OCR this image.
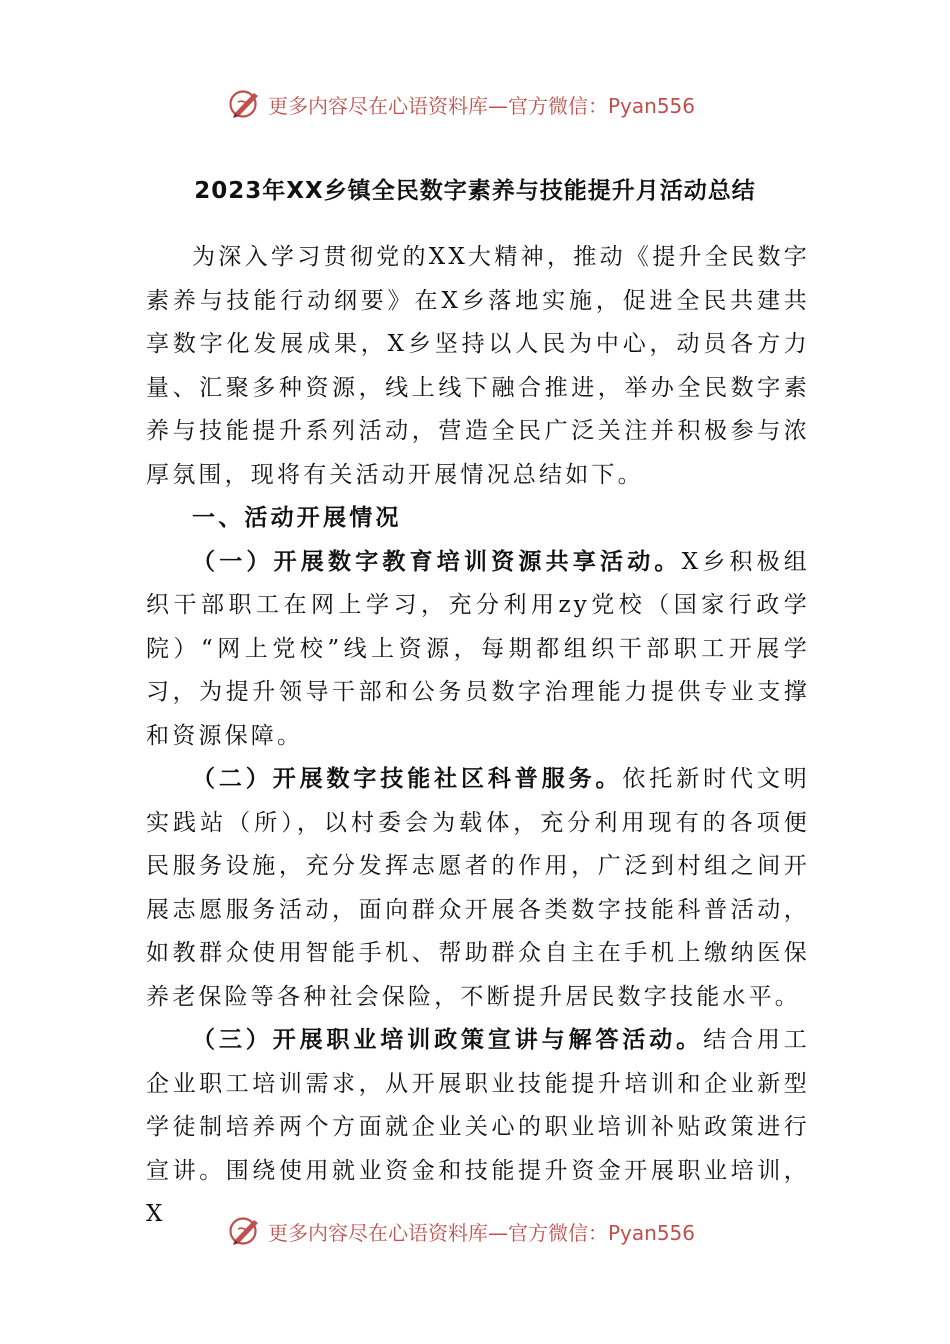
更多内容尽在心语资料库—官方微信：Pyan556
2023年XX乡镇全民数字素养与技能提升月活动总结

为深入学习贯彻党的XX大精神，推动《提升全民数字素养与技能行动纲要》在X乡落地实施，促进全民共建共享数字化发展成果，X乡坚持以人民为中心，动员各方力量、汇聚多种资源，线上线下融合推进，举办全民数字素养与技能提升系列活动，营造全民广泛关注并积极参与浓厚氛围，现将有关活动开展情况总结如下。

一、活动开展情况

（一）开展数字教育培训资源共享活动。X乡积极组织干部职工在网上学习，充分利用zy党校（国家行政学院）“网上党校”线上资源，每期都组织干部职工开展学习，为提升领导干部和公务员数字治理能力提供专业支撑和资源保障。

（二）开展数字技能社区科普服务。依托新时代文明实践站（所），以村委会为载体，充分利用现有的各项便民服务设施，充分发挥志愿者的作用，广泛到村组之间开展志愿服务活动，面向群众开展各类数字技能科普活动，如教群众使用智能手机、帮助群众自主在手机上缴纳医保养老保险等各种社会保险，不断提升居民数字技能水平。

（三）开展职业培训政策宣讲与解答活动。结合用工企业职工培训需求，从开展职业技能提升培训和企业新型学徒制培养两个方面就企业关心的职业培训补贴政策进行宣讲。围绕使用就业资金和技能提升资金开展职业培训，X

更多内容尽在心语资料库—官方微信：Pyan556
